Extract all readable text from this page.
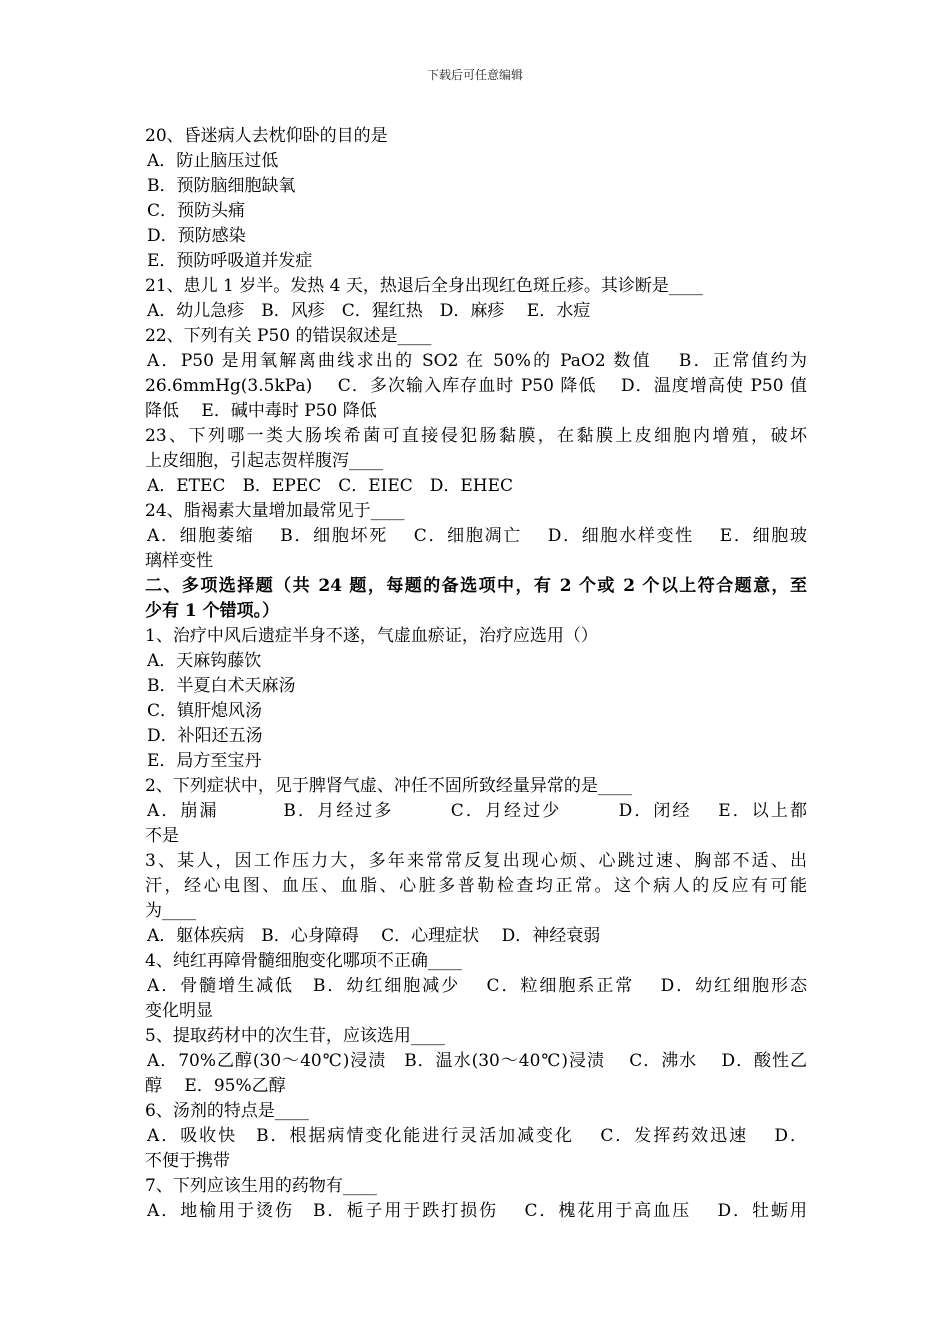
下载后可任意编辑
20、昏迷病人去枕仰卧的目的是
A．防止脑压过低
B．预防脑细胞缺氧
C．预防头痛
D．预防感染
E．预防呼吸道并发症
21、患儿 1 岁半。发热 4 天，热退后全身出现红色斑丘疹。其诊断是____
A．幼儿急疹　B．风疹　C．猩红热　D．麻疹　 E．水痘
22、下列有关 P50 的错误叙述是____
A．P50 是用氧解离曲线求出的 SO2 在 50%的 PaO2 数值　 B．正常值约为
26.6mmHg(3.5kPa)　 C．多次输入库存血时 P50 降低　 D．温度增高使 P50 值
降低　 E．碱中毒时 P50 降低
23、下列哪一类大肠埃希菌可直接侵犯肠黏膜，在黏膜上皮细胞内增殖，破坏
上皮细胞，引起志贺样腹泻____
A．ETEC　B．EPEC　C．EIEC　D．EHEC
24、脂褐素大量增加最常见于____
A．细胞萎缩　 B．细胞坏死　 C．细胞凋亡　 D．细胞水样变性　 E．细胞玻
璃样变性
二、多项选择题（共 24 题，每题的备选项中，有 2 个或 2 个以上符合题意，至
少有 1 个错项。）
1、治疗中风后遗症半身不遂，气虚血瘀证，治疗应选用（）
A．天麻钩藤饮
B．半夏白术天麻汤
C．镇肝熄风汤
D．补阳还五汤
E．局方至宝丹
2、下列症状中，见于脾肾气虚、冲任不固所致经量异常的是____
A．崩漏　　　 B．月经过多　　　C．月经过少　　　D．闭经　 E．以上都
不是
3、某人，因工作压力大，多年来常常反复出现心烦、心跳过速、胸部不适、出
汗，经心电图、血压、血脂、心脏多普勒检查均正常。这个病人的反应有可能
为____
A．躯体疾病　B．心身障碍　 C．心理症状　 D．神经衰弱
4、纯红再障骨髓细胞变化哪项不正确____
A．骨髓增生减低　B．幼红细胞减少　 C．粒细胞系正常　 D．幼红细胞形态
变化明显
5、提取药材中的次生苷，应该选用____
A．70%乙醇(30～40℃)浸渍　B．温水(30～40℃)浸渍　 C．沸水　 D．酸性乙
醇　 E．95%乙醇
6、汤剂的特点是____
A．吸收快　B．根据病情变化能进行灵活加减变化　 C．发挥药效迅速　 D．
不便于携带
7、下列应该生用的药物有____
A．地榆用于烫伤　B．栀子用于跌打损伤　 C．槐花用于高血压　 D．牡蛎用
